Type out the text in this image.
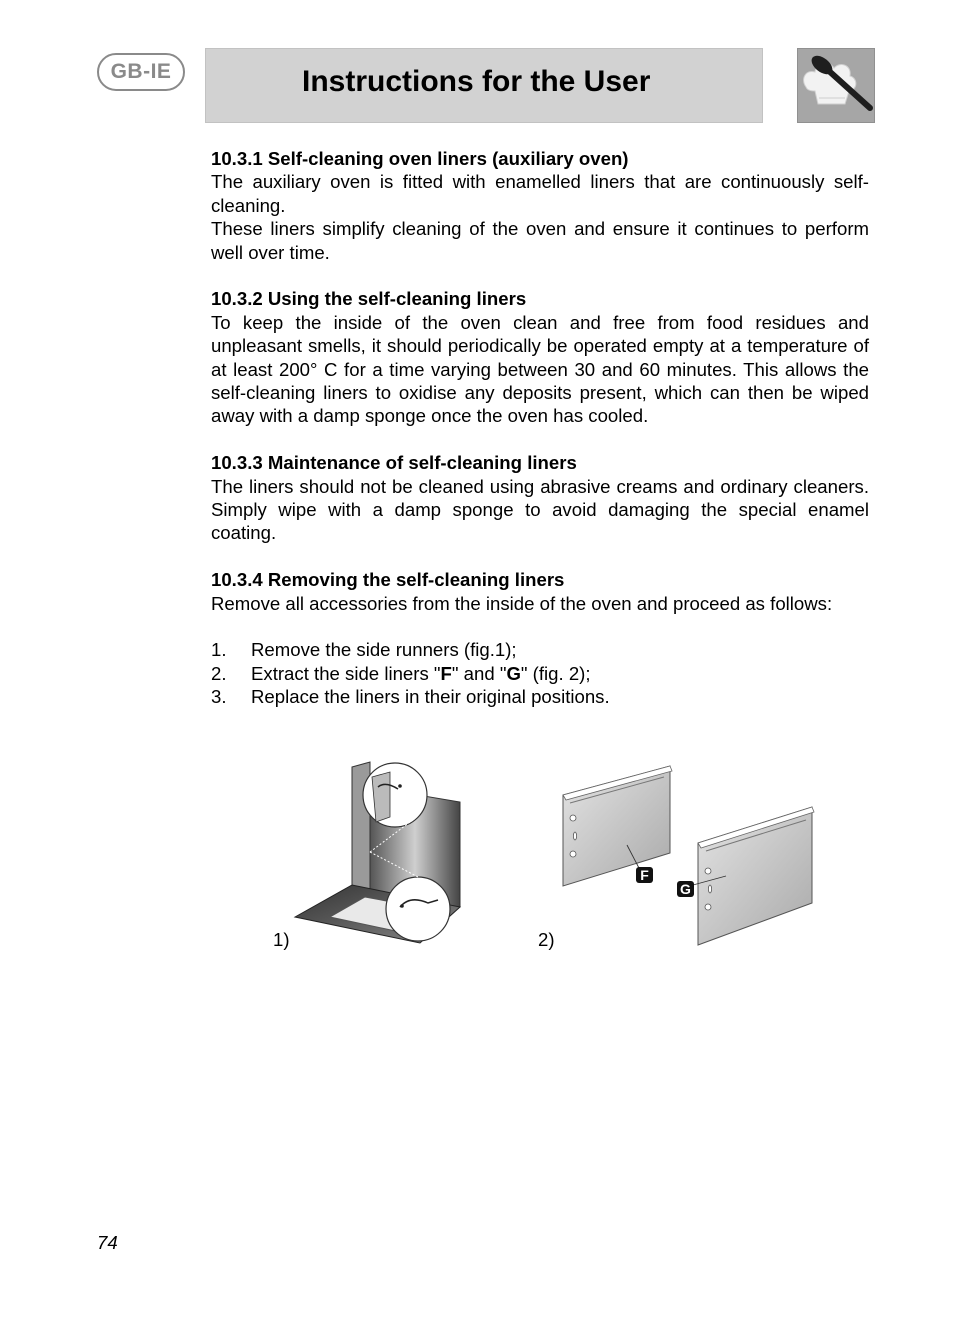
GB-IE	Instructions for the User
10.3.1 Self-cleaning oven liners (auxiliary oven)

The auxiliary oven is fitted with enamelled liners that are continuously self-cleaning.

These liners simplify cleaning of the oven and ensure it continues to perform well over time.

10.3.2 Using the self-cleaning liners

To keep the inside of the oven clean and free from food residues and unpleasant smells, it should periodically be operated empty at a temperature of at least 200° C for a time varying between 30 and 60 minutes. This allows the self-cleaning liners to oxidise any deposits present, which can then be wiped away with a damp sponge once the oven has cooled.

10.3.3 Maintenance of self-cleaning liners

The liners should not be cleaned using abrasive creams and ordinary cleaners. Simply wipe with a damp sponge to avoid damaging the special enamel coating.

10.3.4 Removing the self-cleaning liners

Remove all accessories from the inside of the oven and proceed as follows:

1.	Remove the side runners (fig.1);
2.	Extract the side liners "F" and "G" (fig. 2);
3.	Replace the liners in their original positions.
1)
F
G
2)
74
